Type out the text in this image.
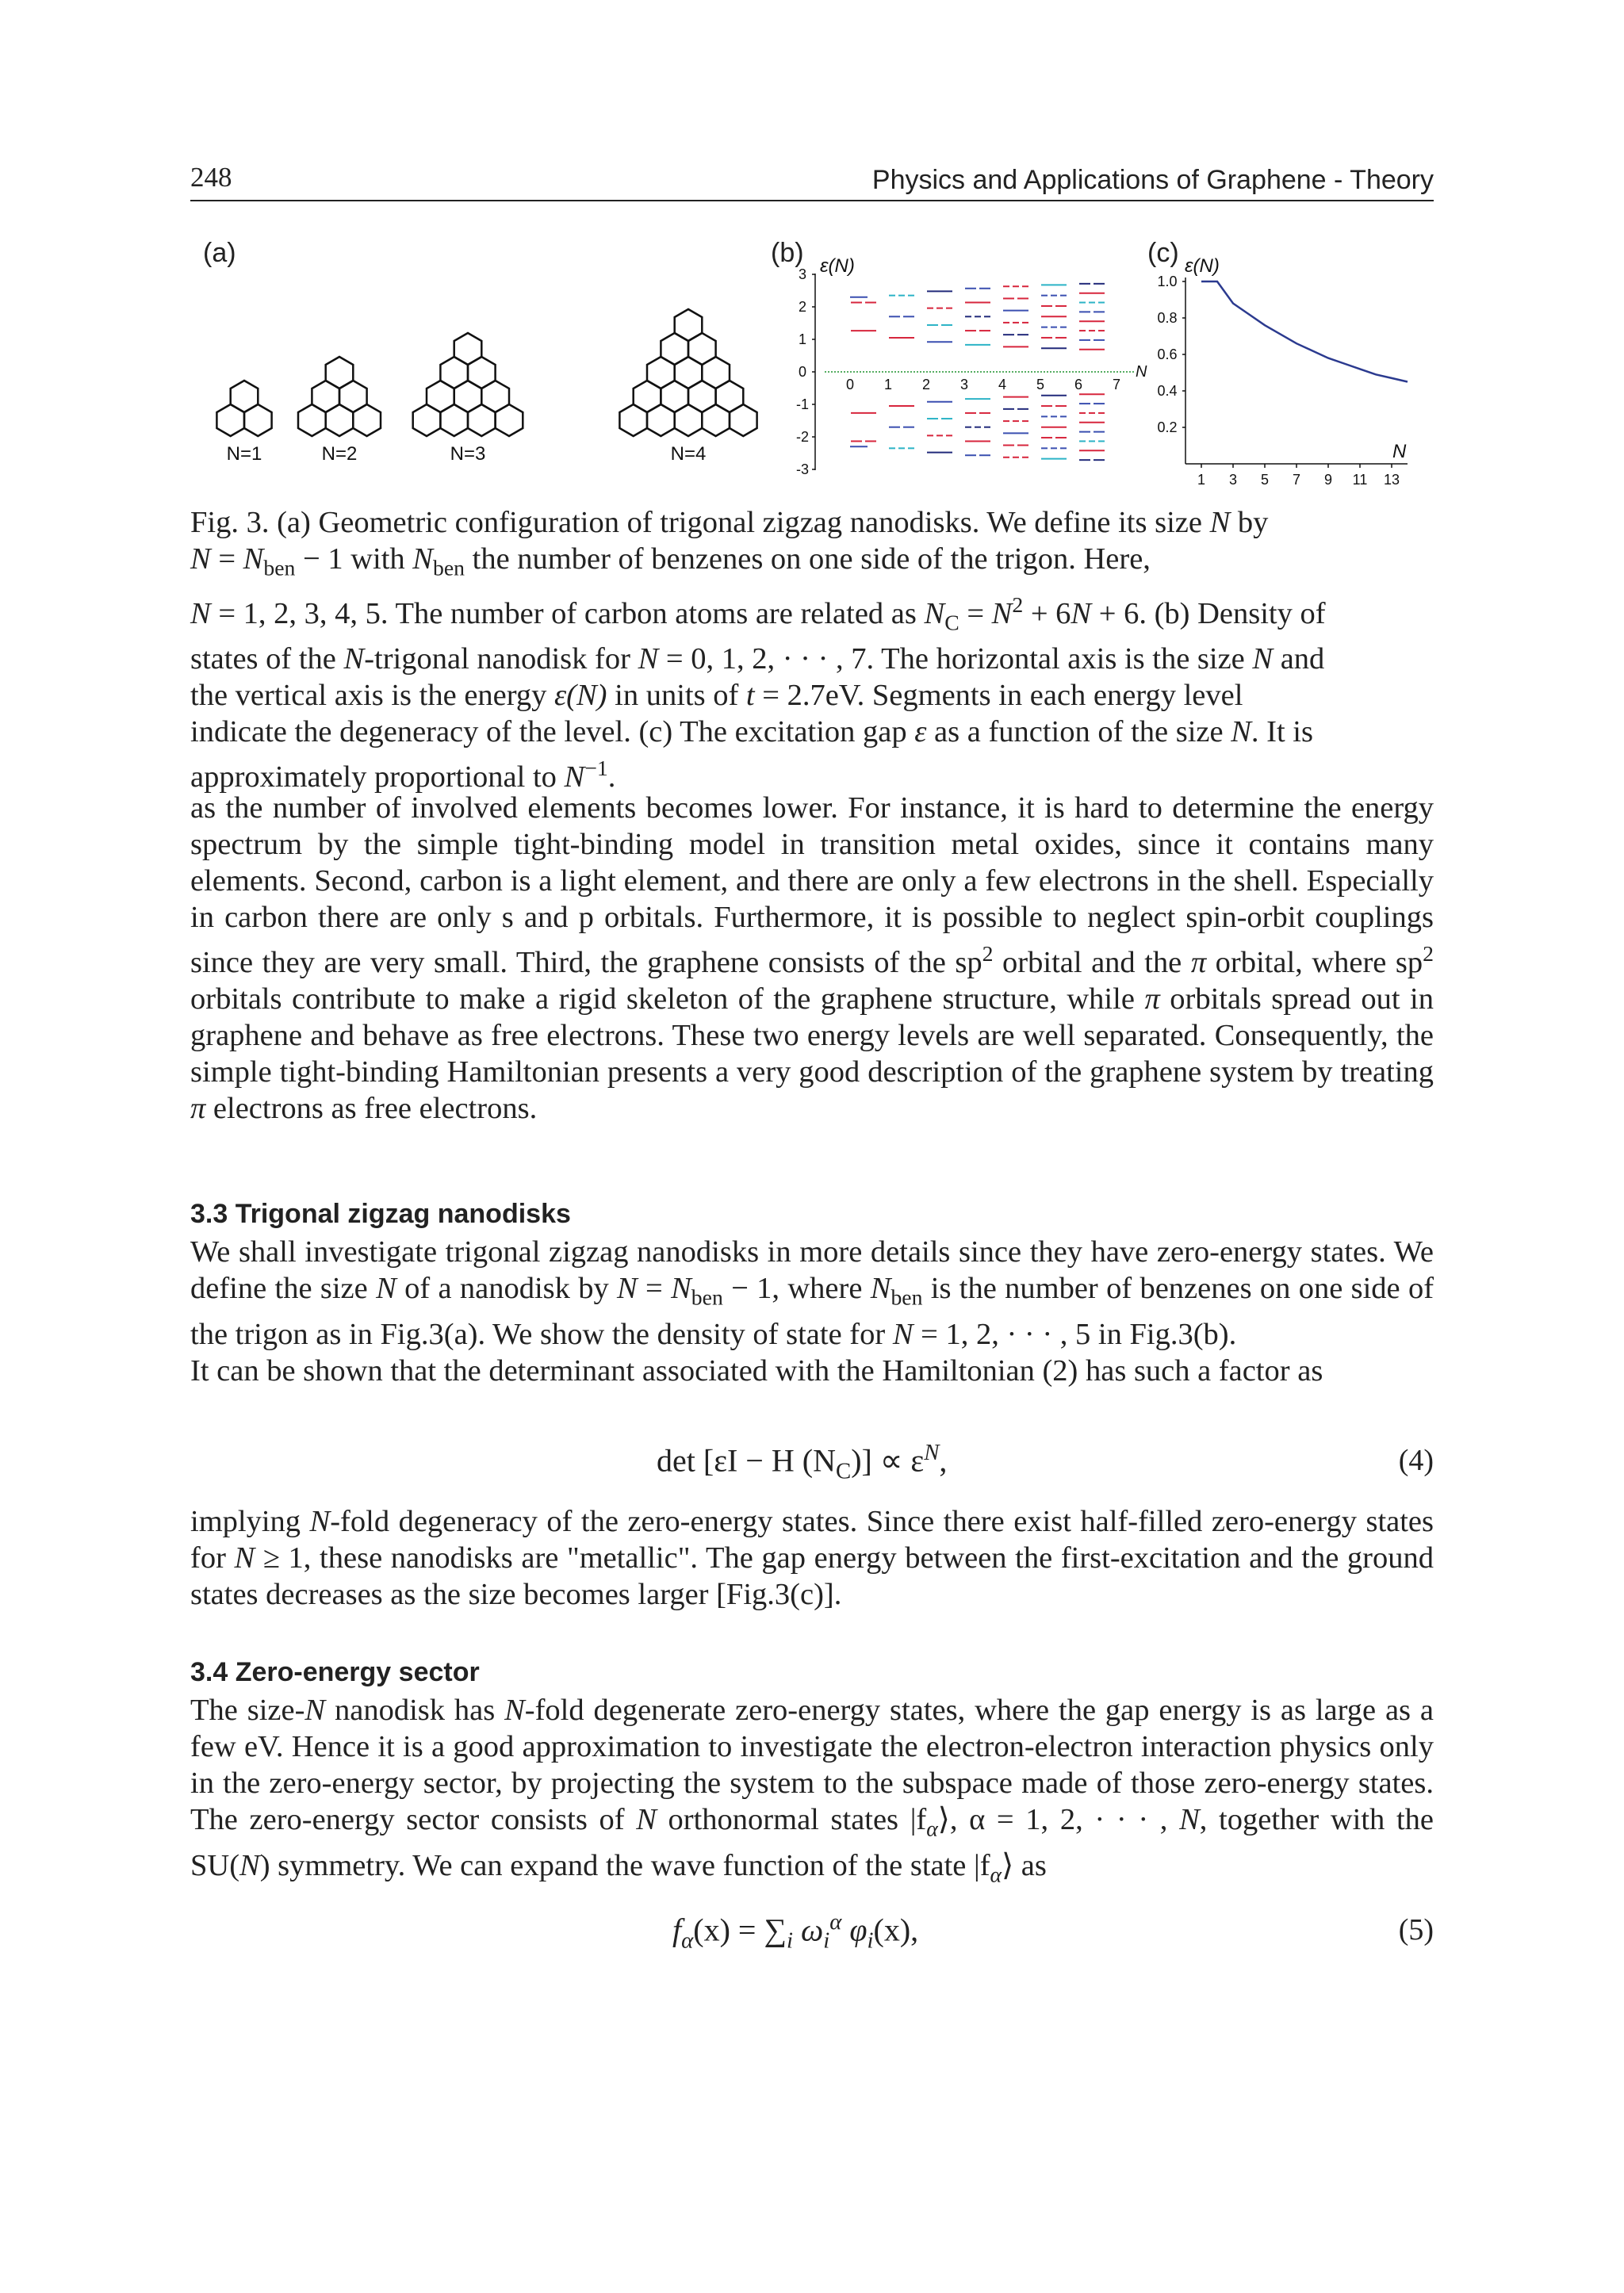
248	Physics and Applications of Graphene - Theory
(a)
N=1	N=2	N=3	N=4
(b) ε(N)
3
2
1
0
-1
-2
-3
0 1 2 3 4 5 6 7
N
(c) ε(N)
1.0
0.8
0.6
0.4
0.2
1 3 5 7 9 11 13
N
Fig. 3. (a) Geometric configuration of trigonal zigzag nanodisks. We define its size N by
$N = N_{ben} - 1$ with $N_{ben}$ the number of benzenes on one side of the trigon. Here,
N = 1, 2, 3, 4, 5. The number of carbon atoms are related as $N_C = N^2 + 6N + 6$. (b) Density of
states of the N-trigonal nanodisk for N = 0, 1, 2, · · · , 7. The horizontal axis is the size N and
the vertical axis is the energy ε(N) in units of t = 2.7eV. Segments in each energy level
indicate the degeneracy of the level. (c) The excitation gap ε as a function of the size N. It is
approximately proportional to $N^{-1}$.

as the number of involved elements becomes lower. For instance, it is hard to determine the energy spectrum by the simple tight-binding model in transition metal oxides, since it contains many elements. Second, carbon is a light element, and there are only a few electrons in the shell. Especially in carbon there are only s and p orbitals. Furthermore, it is possible to neglect spin-orbit couplings since they are very small. Third, the graphene consists of the $sp^2$ orbital and the π orbital, where $sp^2$ orbitals contribute to make a rigid skeleton of the graphene structure, while π orbitals spread out in graphene and behave as free electrons. These two energy levels are well separated. Consequently, the simple tight-binding Hamiltonian presents a very good description of the graphene system by treating π electrons as free electrons.

3.3 Trigonal zigzag nanodisks

We shall investigate trigonal zigzag nanodisks in more details since they have zero-energy states. We define the size N of a nanodisk by $N = N_{ben} - 1$, where $N_{ben}$ is the number of benzenes on one side of the trigon as in Fig.3(a). We show the density of state for N = 1, 2, · · · , 5 in Fig.3(b).

It can be shown that the determinant associated with the Hamiltonian (2) has such a factor as

det [εI − H $(N_C)] \propto \varepsilon^N$,	(4)

implying N-fold degeneracy of the zero-energy states. Since there exist half-filled zero-energy states for N ≥ 1, these nanodisks are "metallic". The gap energy between the first-excitation and the ground states decreases as the size becomes larger [Fig.3(c)].

3.4 Zero-energy sector

The size-N nanodisk has N-fold degenerate zero-energy states, where the gap energy is as large as a few eV. Hence it is a good approximation to investigate the electron-electron interaction physics only in the zero-energy sector, by projecting the system to the subspace made of those zero-energy states. The zero-energy sector consists of N orthonormal states $|f_\alpha⟩$, α = 1, 2, · · · , N, together with the SU(N) symmetry. We can expand the wave function of the state $|f_\alpha⟩$ as

$f_\alpha(x) = \sum_i$ $\omega_i^\alpha$ $\varphi_i(x)$,	(5)
